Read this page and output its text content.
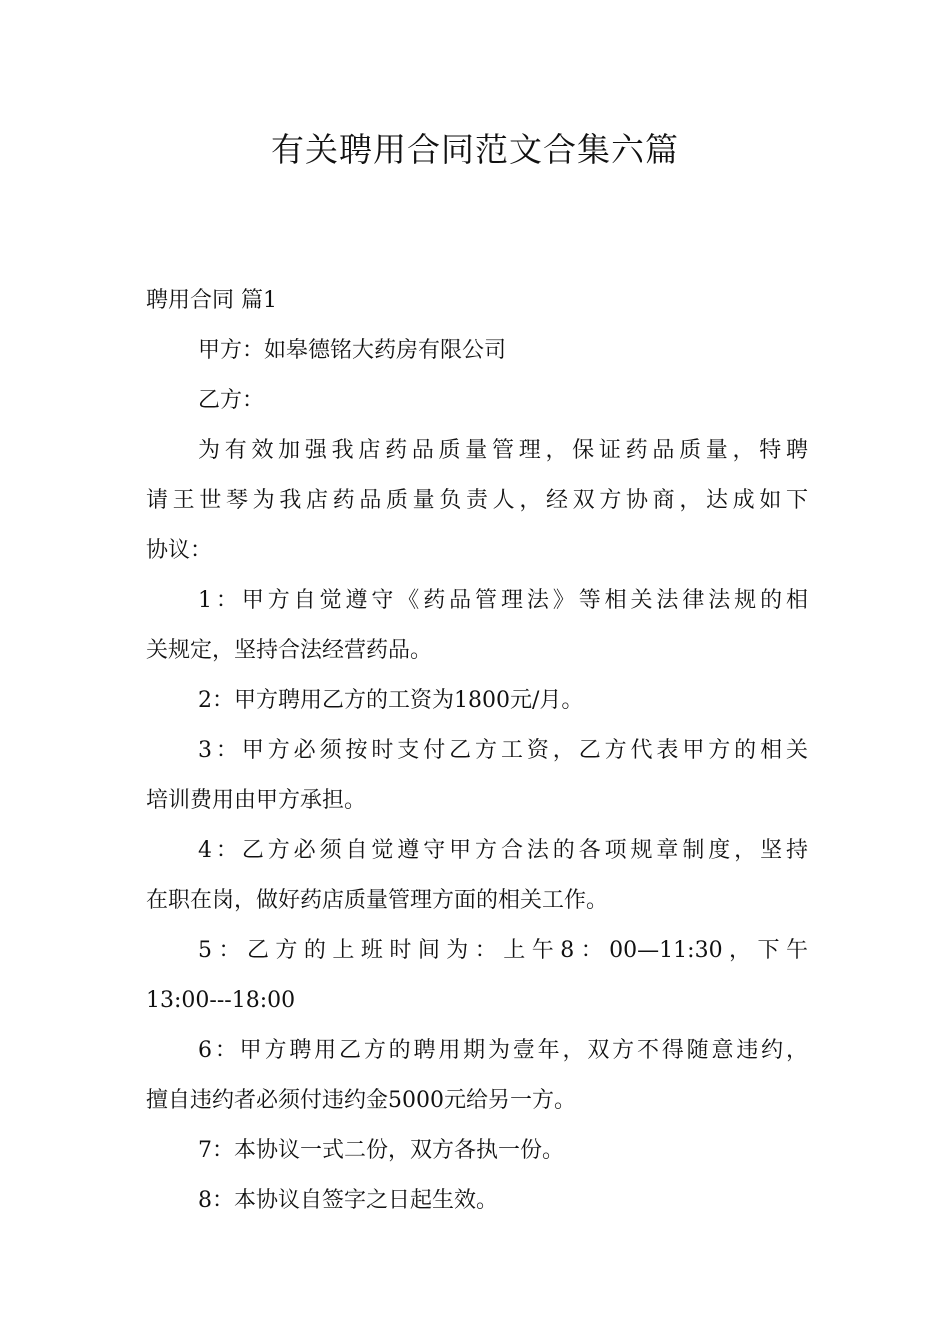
有关聘用合同范文合集六篇
聘用合同 篇1
甲方：如皋德铭大药房有限公司
乙方：
为有效加强我店药品质量管理，保证药品质量，特聘
请王世琴为我店药品质量负责人，经双方协商，达成如下
协议：
1：甲方自觉遵守《药品管理法》等相关法律法规的相
关规定，坚持合法经营药品。
2：甲方聘用乙方的工资为1800元/月。
3：甲方必须按时支付乙方工资，乙方代表甲方的相关
培训费用由甲方承担。
4：乙方必须自觉遵守甲方合法的各项规章制度，坚持
在职在岗，做好药店质量管理方面的相关工作。
5：乙方的上班时间为：上午8：00—11:30，下午
13:00---18:00
6：甲方聘用乙方的聘用期为壹年，双方不得随意违约，
擅自违约者必须付违约金5000元给另一方。
7：本协议一式二份，双方各执一份。
8：本协议自签字之日起生效。
